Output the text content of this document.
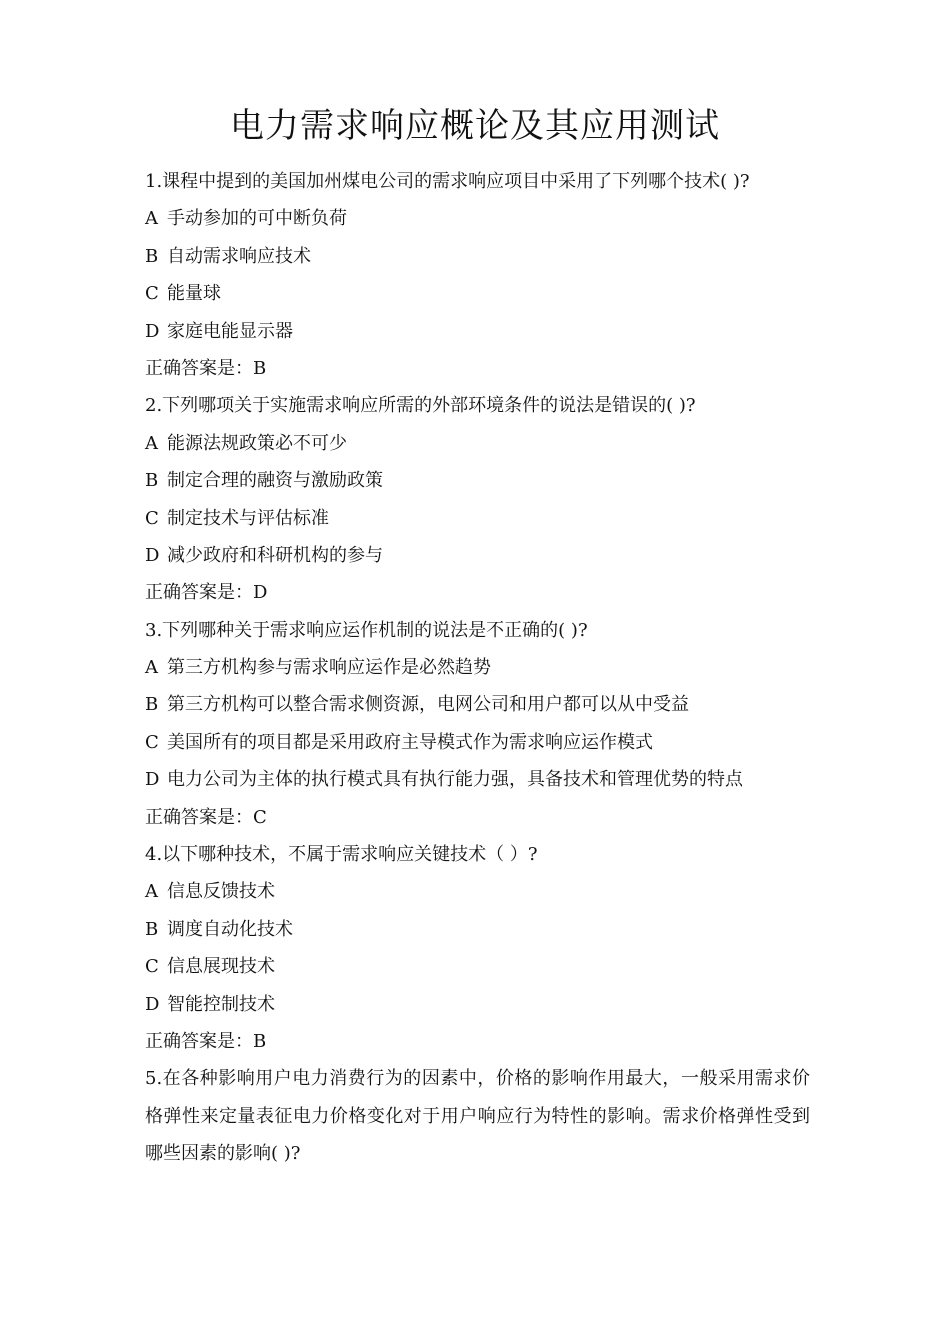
电力需求响应概论及其应用测试
1.课程中提到的美国加州煤电公司的需求响应项目中采用了下列哪个技术( )?
A 手动参加的可中断负荷
B 自动需求响应技术
C 能量球
D 家庭电能显示器
正确答案是：B
2.下列哪项关于实施需求响应所需的外部环境条件的说法是错误的( )?
A 能源法规政策必不可少
B 制定合理的融资与激励政策
C 制定技术与评估标准
D 减少政府和科研机构的参与
正确答案是：D
3.下列哪种关于需求响应运作机制的说法是不正确的( )?
A 第三方机构参与需求响应运作是必然趋势
B 第三方机构可以整合需求侧资源，电网公司和用户都可以从中受益
C 美国所有的项目都是采用政府主导模式作为需求响应运作模式
D 电力公司为主体的执行模式具有执行能力强，具备技术和管理优势的特点
正确答案是：C
4.以下哪种技术，不属于需求响应关键技术（ ）?
A 信息反馈技术
B 调度自动化技术
C 信息展现技术
D 智能控制技术
正确答案是：B
5.在各种影响用户电力消费行为的因素中，价格的影响作用最大，一般采用需求价格弹性来定量表征电力价格变化对于用户响应行为特性的影响。需求价格弹性受到哪些因素的影响( )?
